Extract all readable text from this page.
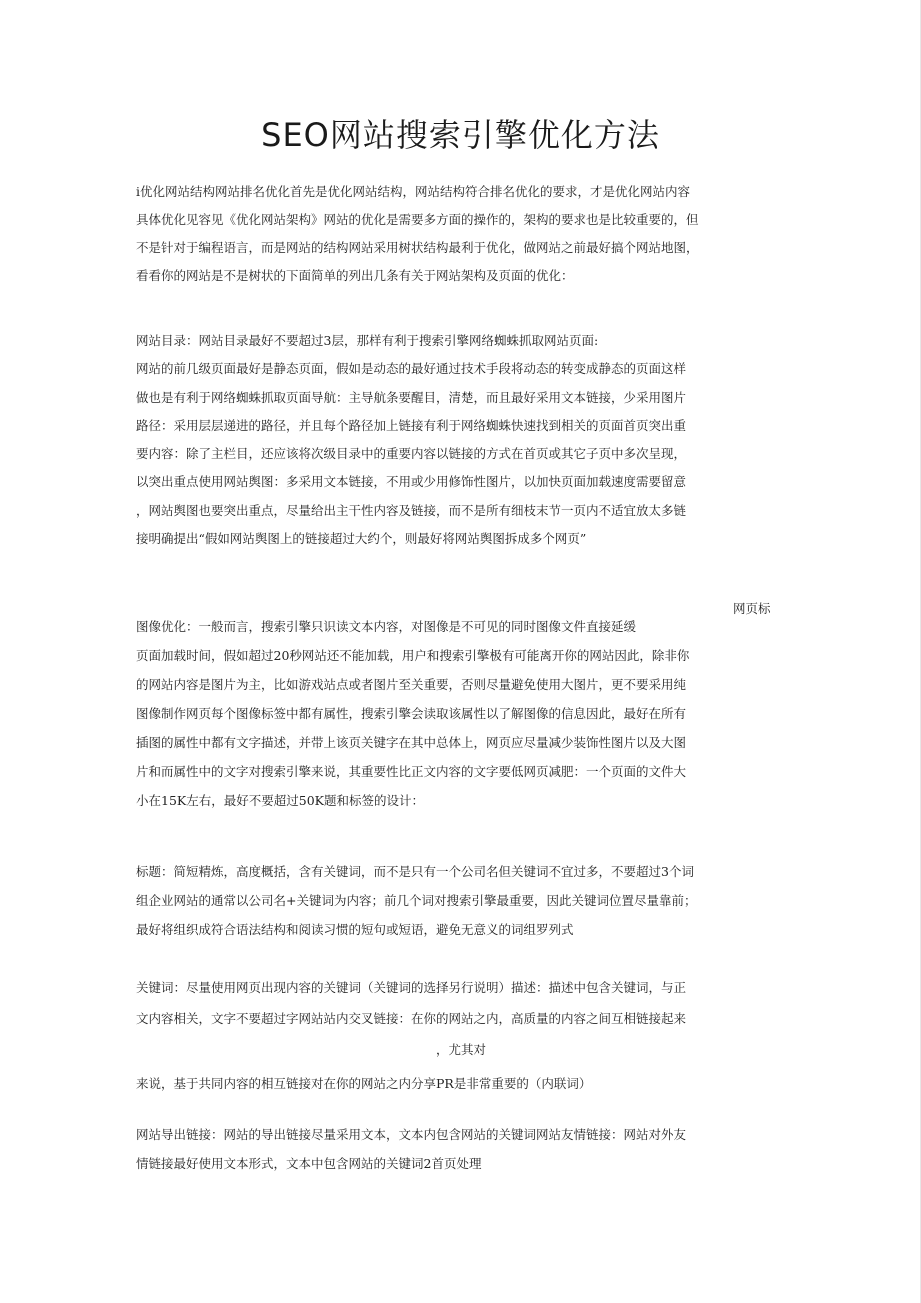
SEO网站搜索引擎优化方法

i优化网站结构网站排名优化首先是优化网站结构，网站结构符合排名优化的要求，才是优化网站内容
具体优化见容见《优化网站架构》网站的优化是需要多方面的操作的，架构的要求也是比较重要的，但
不是针对于编程语言，而是网站的结构网站采用树状结构最利于优化，做网站之前最好搞个网站地图，
看看你的网站是不是树状的下面简单的列出几条有关于网站架构及页面的优化：

网站目录：网站目录最好不要超过3层，那样有利于搜索引擎网络蜘蛛抓取网站页面:
网站的前几级页面最好是静态页面，假如是动态的最好通过技术手段将动态的转变成静态的页面这样
做也是有利于网络蜘蛛抓取页面导航：主导航条要醒目，清楚，而且最好采用文本链接，少采用图片
路径：采用层层递进的路径，并且每个路径加上链接有利于网络蜘蛛快速找到相关的页面首页突出重
要内容：除了主栏目，还应该将次级目录中的重要内容以链接的方式在首页或其它子页中多次呈现，
以突出重点使用网站舆图：多采用文本链接，不用或少用修饰性图片，以加快页面加载速度需要留意
，网站舆图也要突出重点，尽量给出主干性内容及链接，而不是所有细枝末节一页内不适宜放太多链
接明确提出“假如网站舆图上的链接超过大约个，则最好将网站舆图拆成多个网页”

网页标

图像优化：一般而言，搜索引擎只识读文本内容，对图像是不可见的同时图像文件直接延缓
页面加载时间，假如超过20秒网站还不能加载，用户和搜索引擎极有可能离开你的网站因此，除非你
的网站内容是图片为主，比如游戏站点或者图片至关重要，否则尽量避免使用大图片，更不要采用纯
图像制作网页每个图像标签中都有属性，搜索引擎会读取该属性以了解图像的信息因此，最好在所有
插图的属性中都有文字描述，并带上该页关键字在其中总体上，网页应尽量减少装饰性图片以及大图
片和而属性中的文字对搜索引擎来说，其重要性比正文内容的文字要低网页减肥：一个页面的文件大
小在15K左右，最好不要超过50K题和标签的设计：

标题：简短精炼，高度概括，含有关键词，而不是只有一个公司名但关键词不宜过多，不要超过3个词
组企业网站的通常以公司名+关键词为内容；前几个词对搜索引擎最重要，因此关键词位置尽量靠前；
最好将组织成符合语法结构和阅读习惯的短句或短语，避免无意义的词组罗列式

关键词：尽量使用网页出现内容的关键词（关键词的选择另行说明）描述：描述中包含关键词，与正
文内容相关，文字不要超过字网站站内交叉链接：在你的网站之内，高质量的内容之间互相链接起来
，尤其对

来说，基于共同内容的相互链接对在你的网站之内分享PR是非常重要的（内联词）

网站导出链接：网站的导出链接尽量采用文本，文本内包含网站的关键词网站友情链接：网站对外友
情链接最好使用文本形式，文本中包含网站的关键词2首页处理
